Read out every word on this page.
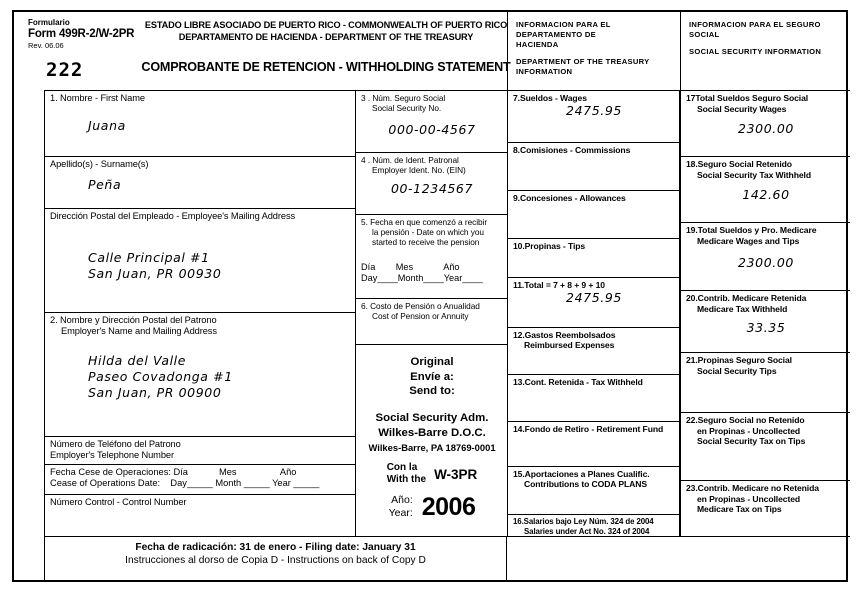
Formulario
Form 499R-2/W-2PR
Rev. 06.06
222
ESTADO LIBRE ASOCIADO DE PUERTO RICO - COMMONWEALTH OF PUERTO RICO
DEPARTAMENTO DE HACIENDA - DEPARTMENT OF THE TREASURY
COMPROBANTE DE RETENCION - WITHHOLDING STATEMENT
INFORMACION PARA EL DEPARTAMENTO DE
HACIENDA
DEPARTMENT OF THE TREASURY INFORMATION
INFORMACION PARA EL SEGURO SOCIAL
SOCIAL SECURITY INFORMATION
1. Nombre - First Name
Juana
Apellido(s) - Surname(s)
Peña
Dirección Postal del Empleado - Employee's Mailing Address
Calle Principal #1
San Juan, PR 00930
2. Nombre y Dirección Postal del Patrono
Employer's Name and Mailing Address
Hilda del Valle
Paseo Covadonga #1
San Juan, PR 00900
Número de Teléfono del Patrono
Employer's Telephone Number
Fecha Cese de Operaciones: Día            Mes                 Año
Cease of Operations Date:    Day_____ Month _____ Year _____
Número Control - Control Number
3 . Núm. Seguro Social
Social Security No.
000-00-4567
4 . Núm. de Ident. Patronal
Employer Ident. No. (EIN)
00-1234567
5. Fecha en que comenzó a recibir
la pensión - Date on which you
started to receive the pension
Día        Mes            Año
Day____Month____Year____
6. Costo de Pensión o Anualidad
Cost of Pension or Annuity
Original
Envíe a:
Send to:
Social Security Adm.
Wilkes-Barre D.O.C.
Wilkes-Barre, PA 18769-0001
Con la
With the W-3PR
Año:
Year: 2006
7.Sueldos - Wages
2475.95
8.Comisiones - Commissions
9.Concesiones - Allowances
10.Propinas - Tips
11.Total = 7 + 8 + 9 + 10
2475.95
12.Gastos Reembolsados
Reimbursed Expenses
13.Cont. Retenida - Tax Withheld
14.Fondo de Retiro - Retirement Fund
15.Aportaciones a Planes Cualific.
Contributions to CODA PLANS
16.Salarios bajo Ley Núm. 324 de 2004
Salaries under Act No. 324 of 2004
17Total Sueldos Seguro Social
Social Security Wages
2300.00
18.Seguro Social Retenido
Social Security Tax Withheld
142.60
19.Total Sueldos y Pro. Medicare
Medicare Wages and Tips
2300.00
20.Contrib. Medicare Retenida
Medicare Tax Withheld
33.35
21.Propinas Seguro Social
Social Security Tips
22.Seguro Social no Retenido
en Propinas - Uncollected
Social Security Tax on Tips
23.Contrib. Medicare no Retenida
en Propinas - Uncollected
Medicare Tax on Tips
Fecha de radicación: 31 de enero - Filing date: January 31
Instrucciones al dorso de Copia D - Instructions on back of Copy D
